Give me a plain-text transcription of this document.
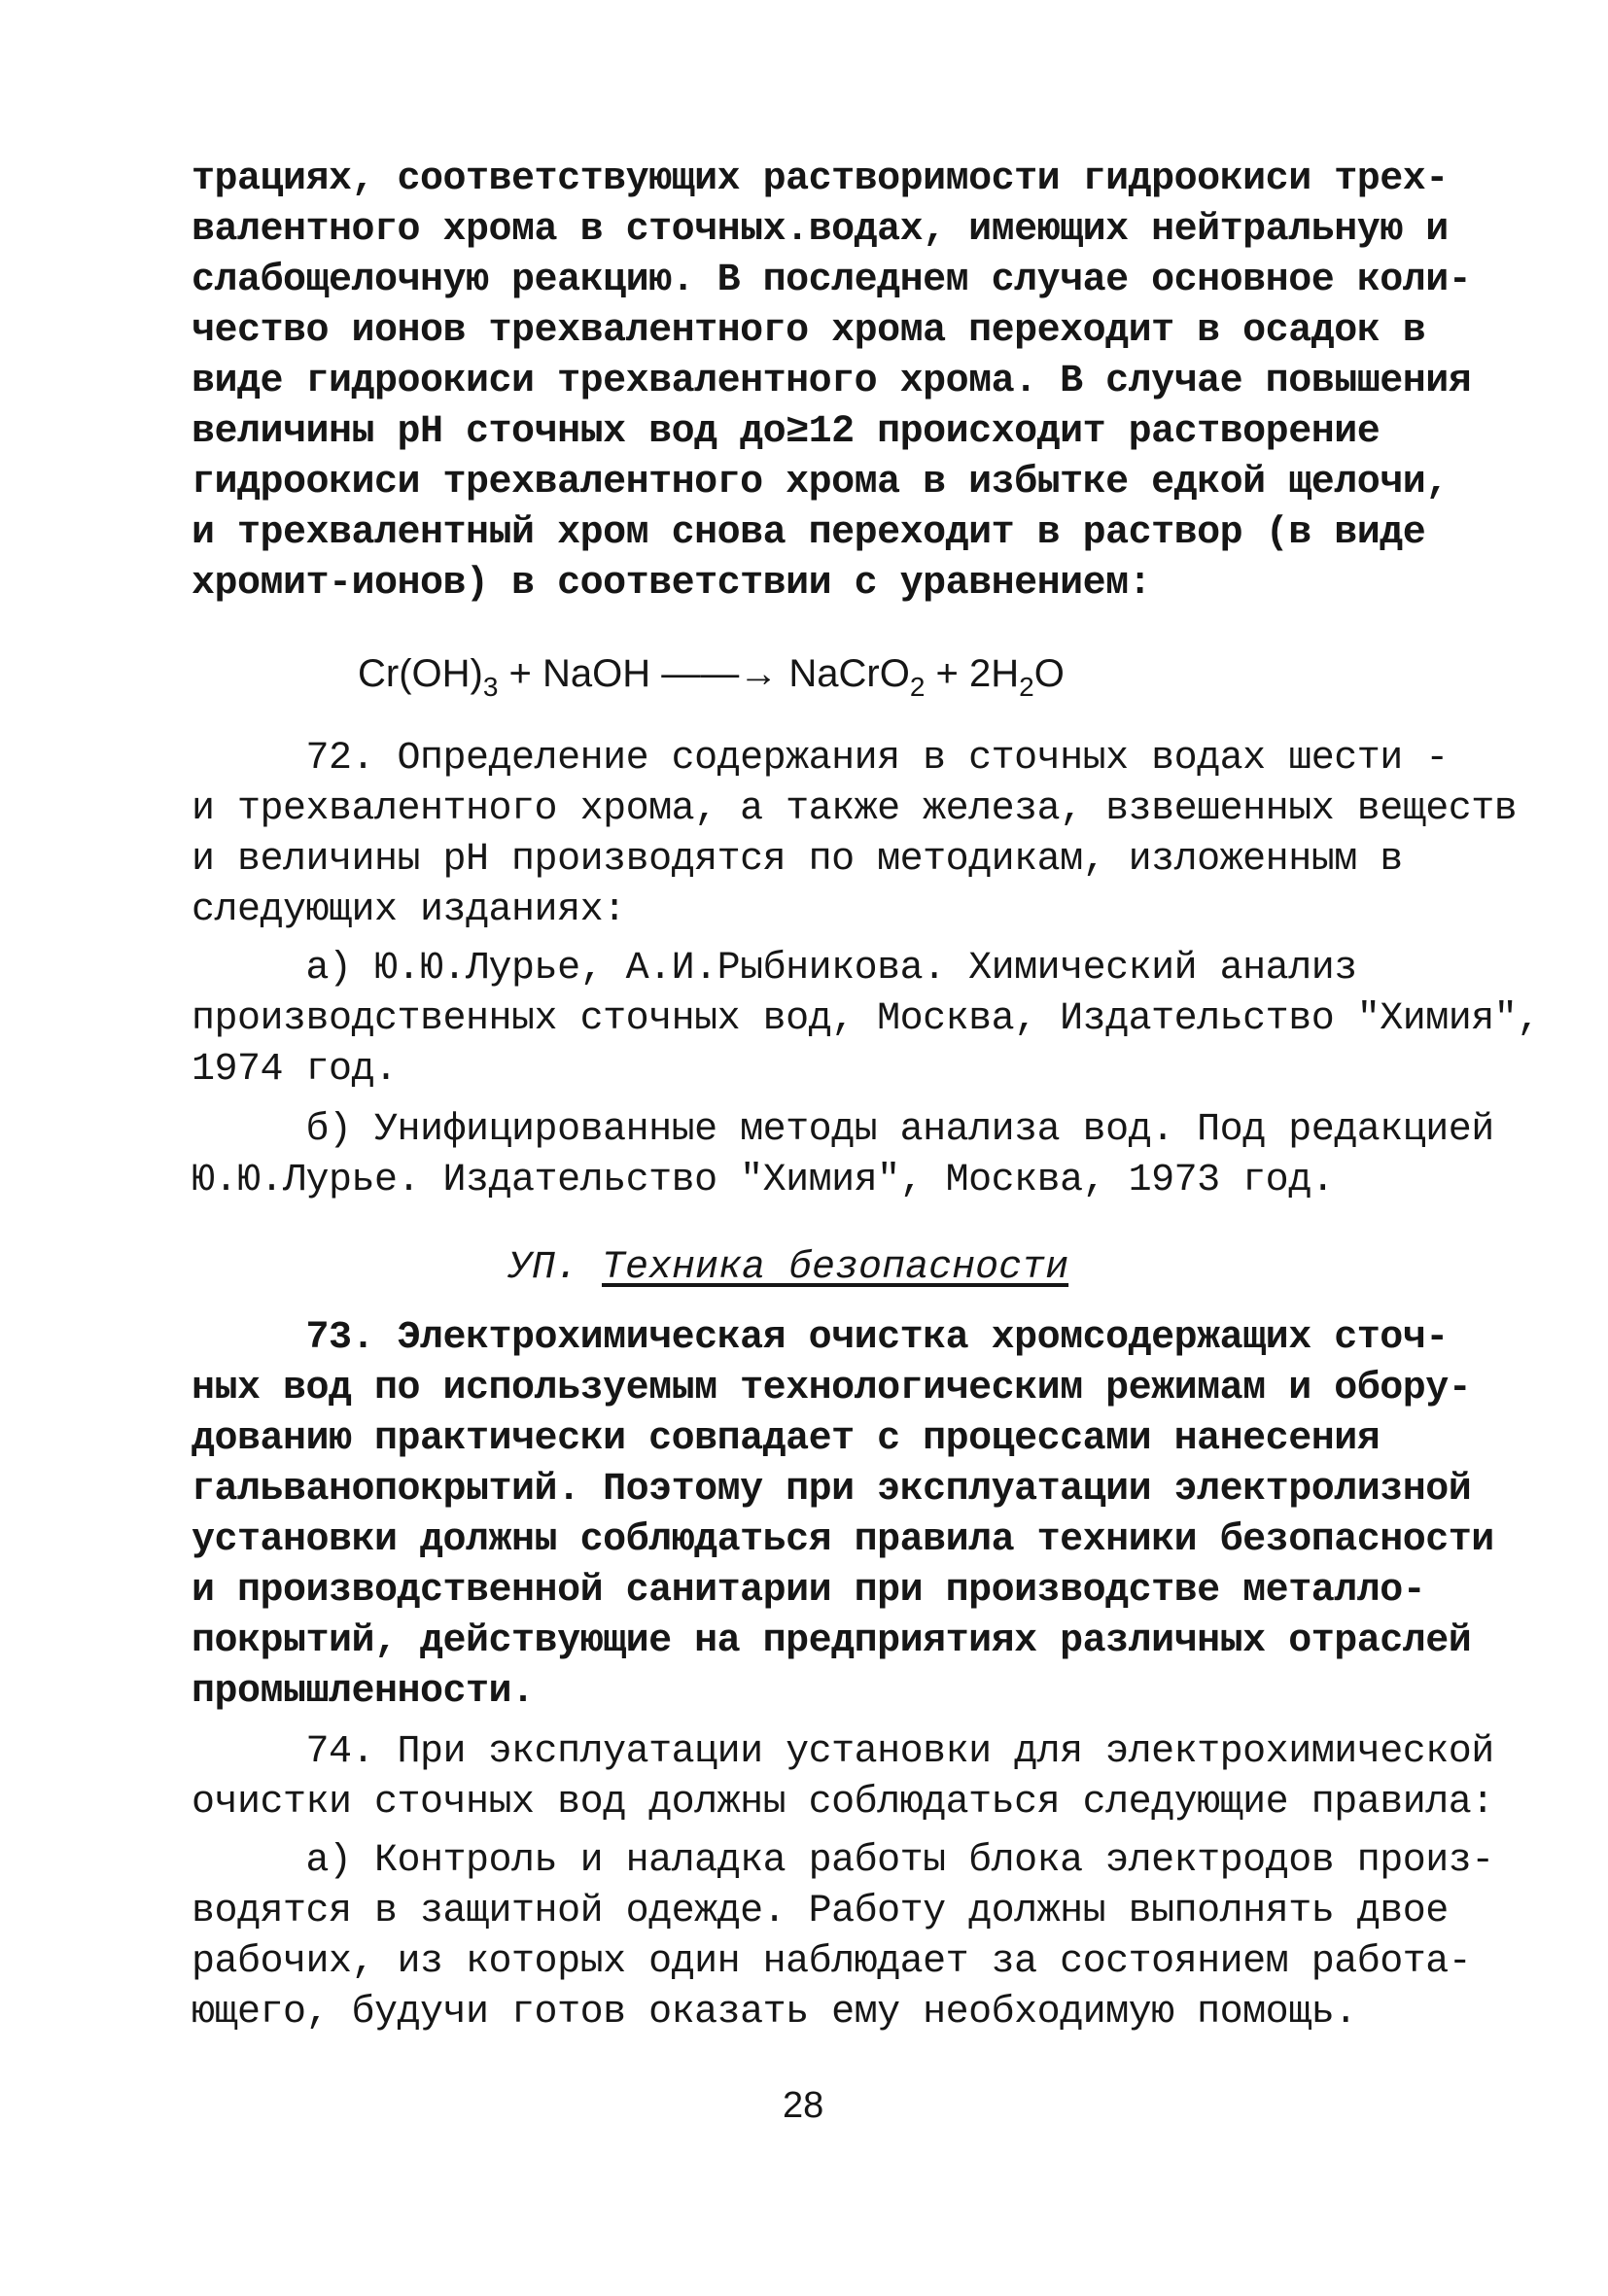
трациях, соответствующих растворимости гидроокиси трех-
валентного хрома в сточных.водах, имеющих нейтральную и
слабощелочную реакцию. В последнем случае основное коли-
чество ионов трехвалентного хрома переходит в осадок в
виде гидроокиси трехвалентного хрома. В случае повышения
величины pH сточных вод до≥12 происходит растворение
гидроокиси трехвалентного хрома в избытке едкой щелочи,
и трехвалентный хром снова переходит в раствор (в виде
хромит-ионов) в соответствии с уравнением:
$Cr(OH)_3$ + NaOH ——→ NaCrO$_2$ + $2H_2O$
72. Определение содержания в сточных водах шести -
и трехвалентного хрома, а также железа, взвешенных веществ
и величины pH производятся по методикам, изложенным в
следующих изданиях:
а) Ю.Ю.Лурье, А.И.Рыбникова. Химический анализ
производственных сточных вод, Москва, Издательство "Химия",
1974 год.
б) Унифицированные методы анализа вод. Под редакцией
Ю.Ю.Лурье. Издательство "Химия", Москва, 1973 год.
УП. Техника безопасности
73. Электрохимическая очистка хромсодержащих сточ-
ных вод по используемым технологическим режимам и обору-
дованию практически совпадает с процессами нанесения
гальванопокрытий. Поэтому при эксплуатации электролизной
установки должны соблюдаться правила техники безопасности
и производственной санитарии при производстве металло-
покрытий, действующие на предприятиях различных отраслей
промышленности.
74. При эксплуатации установки для электрохимической
очистки сточных вод должны соблюдаться следующие правила:
а) Контроль и наладка работы блока электродов произ-
водятся в защитной одежде. Работу должны выполнять двое
рабочих, из которых один наблюдает за состоянием работа-
ющего, будучи готов оказать ему необходимую помощь.
28
